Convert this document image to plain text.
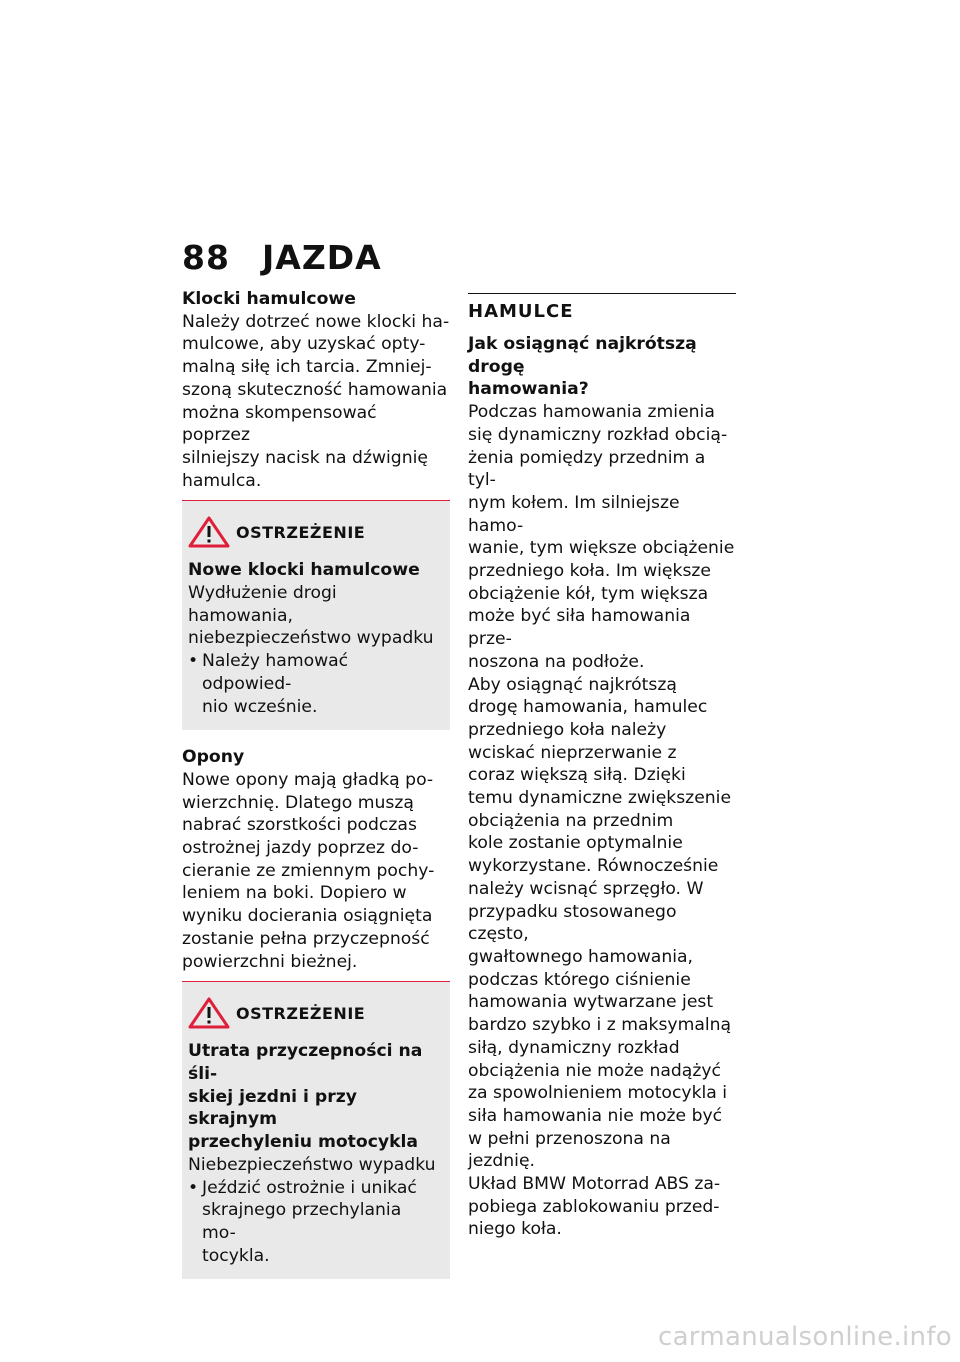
88 JAZDA

Klocki hamulcowe

Należy dotrzeć nowe klocki ha-

mulcowe, aby uzyskać opty-

malną siłę ich tarcia. Zmniej-

szoną skuteczność hamowania

można skompensować poprzez

silniejszy nacisk na dźwignię

hamulca.

OSTRZEŻENIE

Nowe klocki hamulcowe

Wydłużenie drogi hamowania,

niebezpieczeństwo wypadku

• Należy hamować odpowied-
nio wcześnie.

Opony

Nowe opony mają gładką po-

wierzchnię. Dlatego muszą

nabrać szorstkości podczas

ostrożnej jazdy poprzez do-

cieranie ze zmiennym pochy-

leniem na boki. Dopiero w

wyniku docierania osiągnięta

zostanie pełna przyczepność

powierzchni bieżnej.

OSTRZEŻENIE

Utrata przyczepności na śli-

skiej jezdni i przy skrajnym

przechyleniu motocykla

Niebezpieczeństwo wypadku

• Jeździć ostrożnie i unikać
skrajnego przechylania mo-
tocykla.
HAMULCE

Jak osiągnąć najkrótszą drogę

hamowania?

Podczas hamowania zmienia

się dynamiczny rozkład obcią-

żenia pomiędzy przednim a tyl-

nym kołem. Im silniejsze hamo-

wanie, tym większe obciążenie

przedniego koła. Im większe

obciążenie kół, tym większa

może być siła hamowania prze-

noszona na podłoże.

Aby osiągnąć najkrótszą

drogę hamowania, hamulec

przedniego koła należy

wciskać nieprzerwanie z

coraz większą siłą. Dzięki

temu dynamiczne zwiększenie

obciążenia na przednim

kole zostanie optymalnie

wykorzystane. Równocześnie

należy wcisnąć sprzęgło. W

przypadku stosowanego często,

gwałtownego hamowania,

podczas którego ciśnienie

hamowania wytwarzane jest

bardzo szybko i z maksymalną

siłą, dynamiczny rozkład

obciążenia nie może nadążyć

za spowolnieniem motocykla i

siła hamowania nie może być

w pełni przenoszona na jezdnię.

Układ BMW Motorrad ABS za-

pobiega zablokowaniu przed-

niego koła.

carmanualsonline.info
